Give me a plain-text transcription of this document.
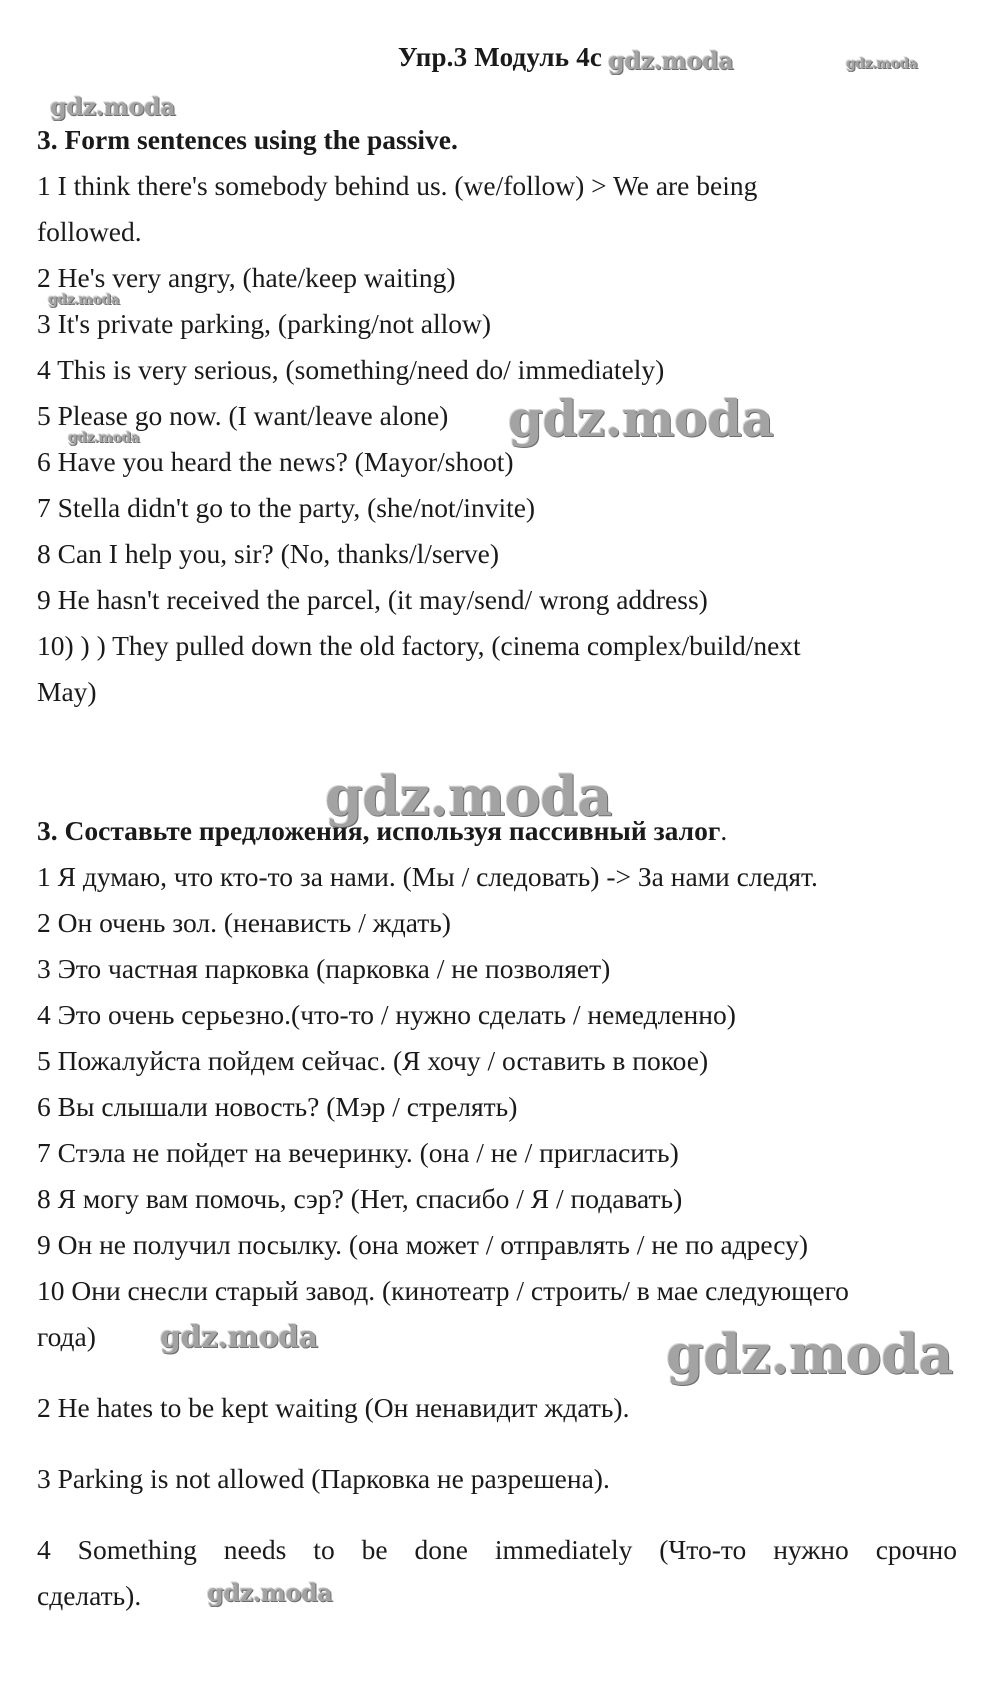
Упр.3 Модуль 4c
3. Form sentences using the passive.
1 I think there's somebody behind us. (we/follow) > We are being
followed.
2 He's very angry, (hate/keep waiting)
3 It's private parking, (parking/not allow)
4 This is very serious, (something/need do/ immediately)
5 Please go now. (I want/leave alone)
6 Have you heard the news? (Mayor/shoot)
7 Stella didn't go to the party, (she/not/invite)
8 Can I help you, sir? (No, thanks/l/serve)
9 He hasn't received the parcel, (it may/send/ wrong address)
10) ) ) They pulled down the old factory, (cinema complex/build/next
May)
3. Составьте предложения, используя пассивный залог.
1 Я думаю, что кто-то за нами. (Мы / следовать) -> За нами следят.
2 Он очень зол. (ненависть / ждать)
3 Это частная парковка (парковка / не позволяет)
4 Это очень серьезно.(что-то / нужно сделать / немедленно)
5 Пожалуйста пойдем сейчас. (Я хочу / оставить в покое)
6 Вы слышали новость? (Мэр / стрелять)
7 Стэла не пойдет на вечеринку. (она / не / пригласить)
8 Я могу вам помочь, сэр? (Нет, спасибо / Я / подавать)
9 Он не получил посылку. (она может / отправлять / не по адресу)
10 Они снесли старый завод. (кинотеатр / строить/ в мае следующего
года)
2 He hates to be kept waiting (Он ненавидит ждать).
3 Parking is not allowed (Парковка не разрешена).
4 Something needs to be done immediately (Что-то нужно срочно
сделать).
gdz.moda	gdz.moda
gdz.moda
gdz.moda
gdz.moda
gdz.moda
gdz.moda
gdz.moda	gdz.moda
gdz.moda
